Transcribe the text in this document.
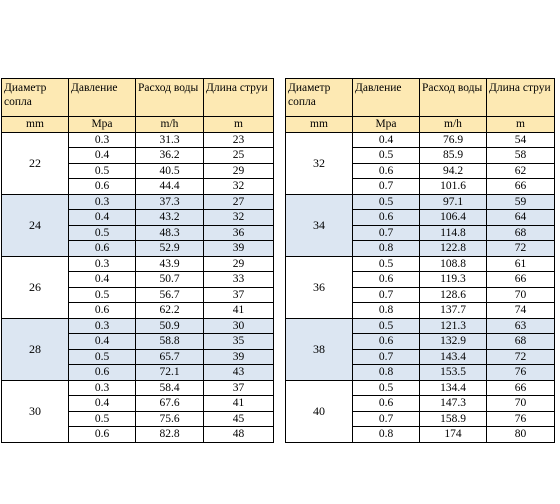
Диаметр сопла	Давление	Расход воды	Длина струи
mm	Mpa	m/h	m
22	0.3	31.3	23
	0.4	36.2	25
	0.5	40.5	29
	0.6	44.4	32
24	0.3	37.3	27
	0.4	43.2	32
	0.5	48.3	36
	0.6	52.9	39
26	0.3	43.9	29
	0.4	50.7	33
	0.5	56.7	37
	0.6	62.2	41
28	0.3	50.9	30
	0.4	58.8	35
	0.5	65.7	39
	0.6	72.1	43
30	0.3	58.4	37
	0.4	67.6	41
	0.5	75.6	45
	0.6	82.8	48
Диаметр сопла	Давление	Расход воды	Длина струи
mm	Mpa	m/h	m
32	0.4	76.9	54
	0.5	85.9	58
	0.6	94.2	62
	0.7	101.6	66
34	0.5	97.1	59
	0.6	106.4	64
	0.7	114.8	68
	0.8	122.8	72
36	0.5	108.8	61
	0.6	119.3	66
	0.7	128.6	70
	0.8	137.7	74
38	0.5	121.3	63
	0.6	132.9	68
	0.7	143.4	72
	0.8	153.5	76
40	0.5	134.4	66
	0.6	147.3	70
	0.7	158.9	76
	0.8	174	80
